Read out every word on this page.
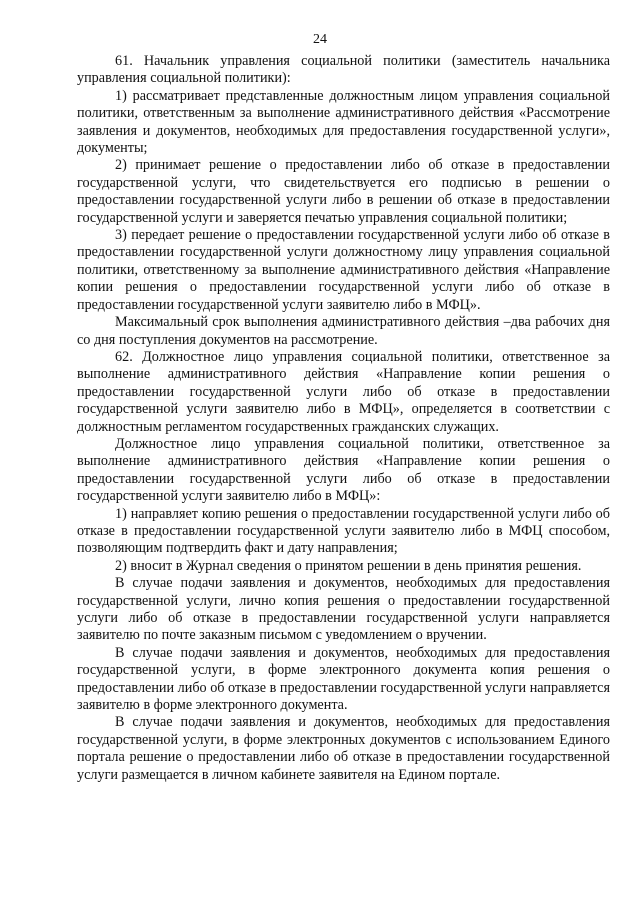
24

61. Начальник управления социальной политики (заместитель начальника управления социальной политики):

1) рассматривает представленные должностным лицом управления социальной политики, ответственным за выполнение административного действия «Рассмотрение заявления и документов, необходимых для предоставления государственной услуги», документы;

2) принимает решение о предоставлении либо об отказе в предоставлении государственной услуги, что свидетельствуется его подписью в решении о предоставлении государственной услуги либо в решении об отказе в предоставлении государственной услуги и заверяется печатью управления социальной политики;

3) передает решение о предоставлении государственной услуги либо об отказе в предоставлении государственной услуги должностному лицу управления социальной политики, ответственному за выполнение административного действия «Направление копии решения о предоставлении государственной услуги либо об отказе в предоставлении государственной услуги заявителю либо в МФЦ».

Максимальный срок выполнения административного действия –два рабочих дня со дня поступления документов на рассмотрение.

62. Должностное лицо управления социальной политики, ответственное за выполнение административного действия «Направление копии решения о предоставлении государственной услуги либо об отказе в предоставлении государственной услуги заявителю либо в МФЦ», определяется в соответствии с должностным регламентом государственных гражданских служащих.

Должностное лицо управления социальной политики, ответственное за выполнение административного действия «Направление копии решения о предоставлении государственной услуги либо об отказе в предоставлении государственной услуги заявителю либо в МФЦ»:

1) направляет копию решения о предоставлении государственной услуги либо об отказе в предоставлении государственной услуги заявителю либо в МФЦ способом, позволяющим подтвердить факт и дату направления;

2) вносит в Журнал сведения о принятом решении в день принятия решения.

В случае подачи заявления и документов, необходимых для предоставления государственной услуги, лично копия решения о предоставлении государственной услуги либо об отказе в предоставлении государственной услуги направляется заявителю по почте заказным письмом с уведомлением о вручении.

В случае подачи заявления и документов, необходимых для предоставления государственной услуги, в форме электронного документа копия решения о предоставлении либо об отказе в предоставлении государственной услуги направляется заявителю в форме электронного документа.

В случае подачи заявления и документов, необходимых для предоставления государственной услуги, в форме электронных документов с использованием Единого портала решение о предоставлении либо об отказе в предоставлении государственной услуги размещается в личном кабинете заявителя на Едином портале.
